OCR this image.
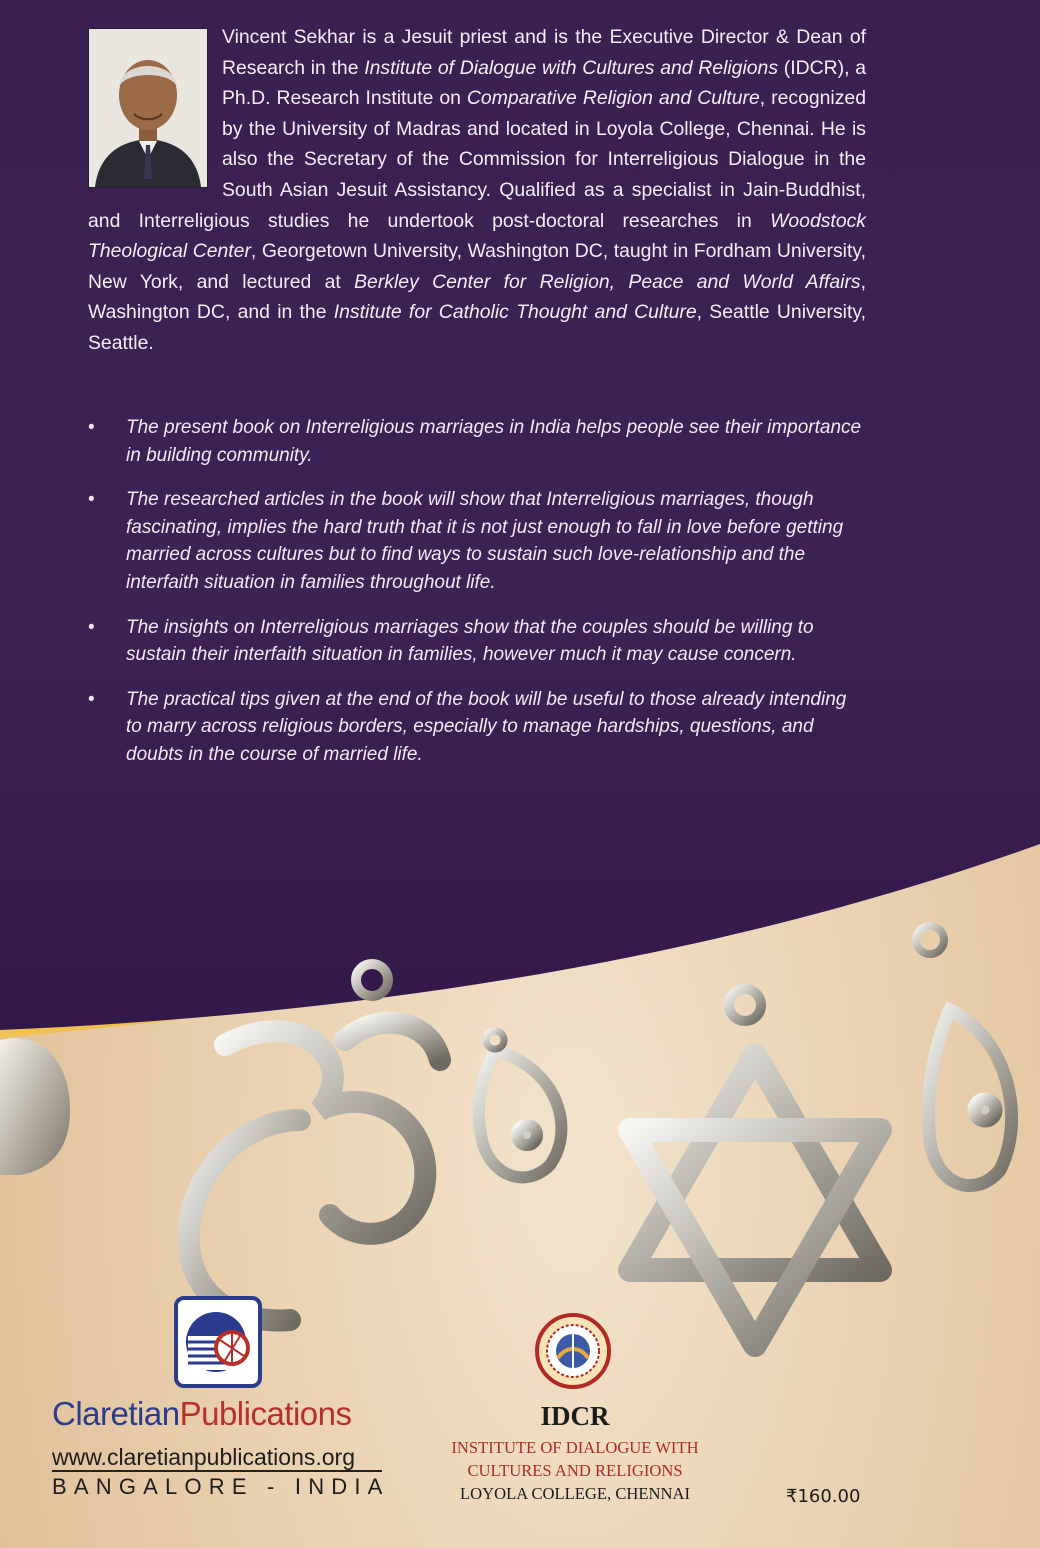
Vincent Sekhar is a Jesuit priest and is the Executive Director & Dean of Research in the Institute of Dialogue with Cultures and Religions (IDCR), a Ph.D. Research Institute on Comparative Religion and Culture, recognized by the University of Madras and located in Loyola College, Chennai. He is also the Secretary of the Commission for Interreligious Dialogue in the South Asian Jesuit Assistancy. Qualified as a specialist in Jain-Buddhist, and Interreligious studies he undertook post-doctoral researches in Woodstock Theological Center, Georgetown University, Washington DC, taught in Fordham University, New York, and lectured at Berkley Center for Religion, Peace and World Affairs, Washington DC, and in the Institute for Catholic Thought and Culture, Seattle University, Seattle.
• The present book on Interreligious marriages in India helps people see their importance in building community.
• The researched articles in the book will show that Interreligious marriages, though fascinating, implies the hard truth that it is not just enough to fall in love before getting married across cultures but to find ways to sustain such love-relationship and the interfaith situation in families throughout life.
• The insights on Interreligious marriages show that the couples should be willing to sustain their interfaith situation in families, however much it may cause concern.
• The practical tips given at the end of the book will be useful to those already intending to marry across religious borders, especially to manage hardships, questions, and doubts in the course of married life.
ClaretianPublications
www.claretianpublications.org
BANGALORE - INDIA
IDCR
INSTITUTE OF DIALOGUE WITH
CULTURES AND RELIGIONS
LOYOLA COLLEGE, CHENNAI	₹160.00
